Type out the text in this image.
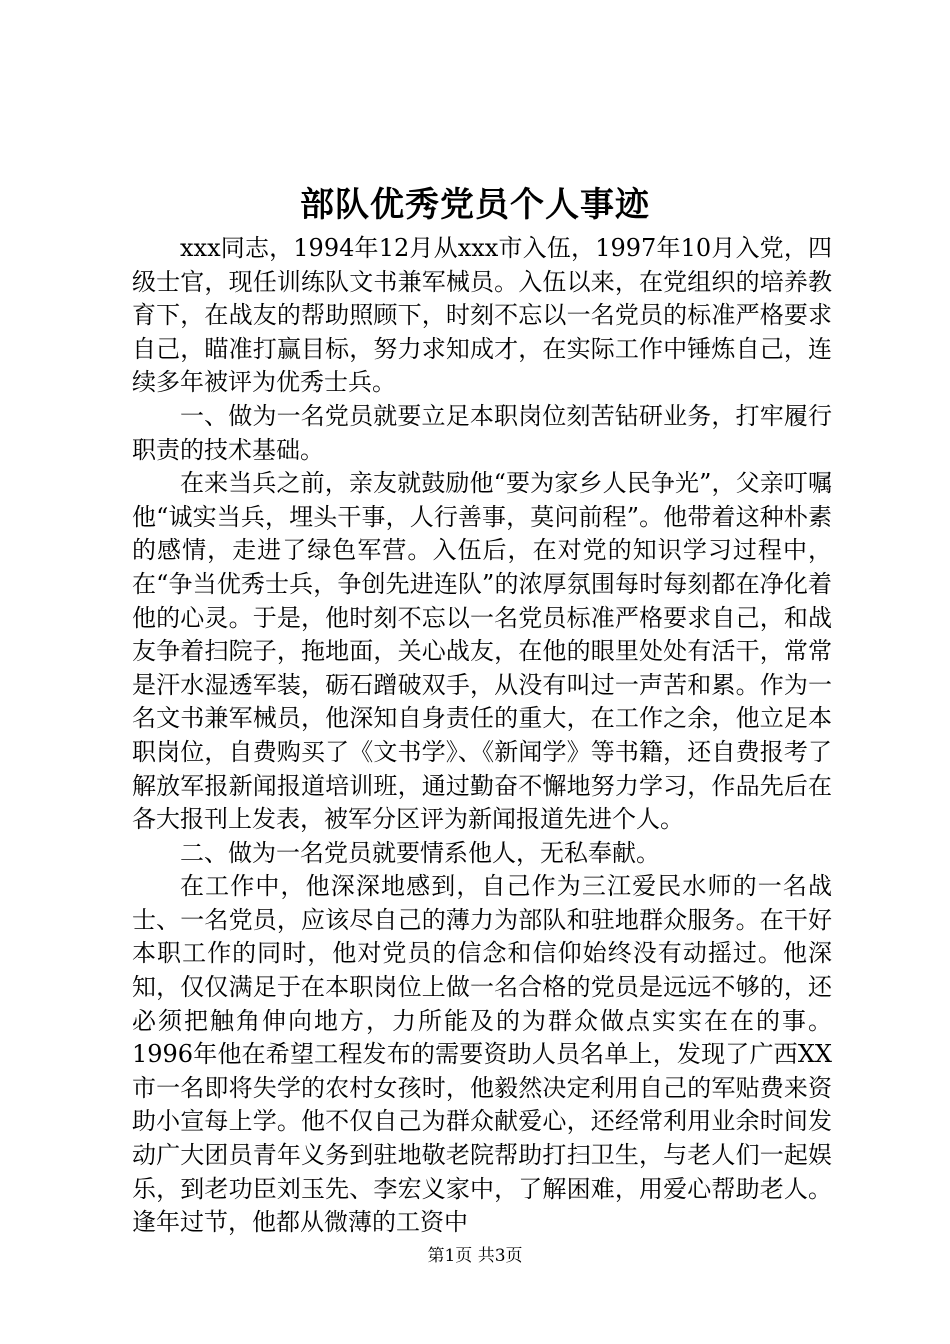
部队优秀党员个人事迹

xxx同志，1994年12月从xxx市入伍，1997年10月入党，四级士官，现任训练队文书兼军械员。入伍以来，在党组织的培养教育下，在战友的帮助照顾下，时刻不忘以一名党员的标准严格要求自己，瞄准打赢目标，努力求知成才，在实际工作中锤炼自己，连续多年被评为优秀士兵。

一、做为一名党员就要立足本职岗位刻苦钻研业务，打牢履行职责的技术基础。

在来当兵之前，亲友就鼓励他“要为家乡人民争光”，父亲叮嘱他“诚实当兵，埋头干事，人行善事，莫问前程”。他带着这种朴素的感情，走进了绿色军营。入伍后，在对党的知识学习过程中，在“争当优秀士兵，争创先进连队”的浓厚氛围每时每刻都在净化着他的心灵。于是，他时刻不忘以一名党员标准严格要求自己，和战友争着扫院子，拖地面，关心战友，在他的眼里处处有活干，常常是汗水湿透军装，砺石蹭破双手，从没有叫过一声苦和累。作为一名文书兼军械员，他深知自身责任的重大，在工作之余，他立足本职岗位，自费购买了《文书学》、《新闻学》等书籍，还自费报考了解放军报新闻报道培训班，通过勤奋不懈地努力学习，作品先后在各大报刊上发表，被军分区评为新闻报道先进个人。

二、做为一名党员就要情系他人，无私奉献。

在工作中，他深深地感到，自己作为三江爱民水师的一名战士、一名党员，应该尽自己的薄力为部队和驻地群众服务。在干好本职工作的同时，他对党员的信念和信仰始终没有动摇过。他深知，仅仅满足于在本职岗位上做一名合格的党员是远远不够的，还必须把触角伸向地方，力所能及的为群众做点实实在在的事。1996年他在希望工程发布的需要资助人员名单上，发现了广西XX市一名即将失学的农村女孩时，他毅然决定利用自己的军贴费来资助小宣每上学。他不仅自己为群众献爱心，还经常利用业余时间发动广大团员青年义务到驻地敬老院帮助打扫卫生，与老人们一起娱乐，到老功臣刘玉先、李宏义家中，了解困难，用爱心帮助老人。逢年过节，他都从微薄的工资中

第1页 共3页
